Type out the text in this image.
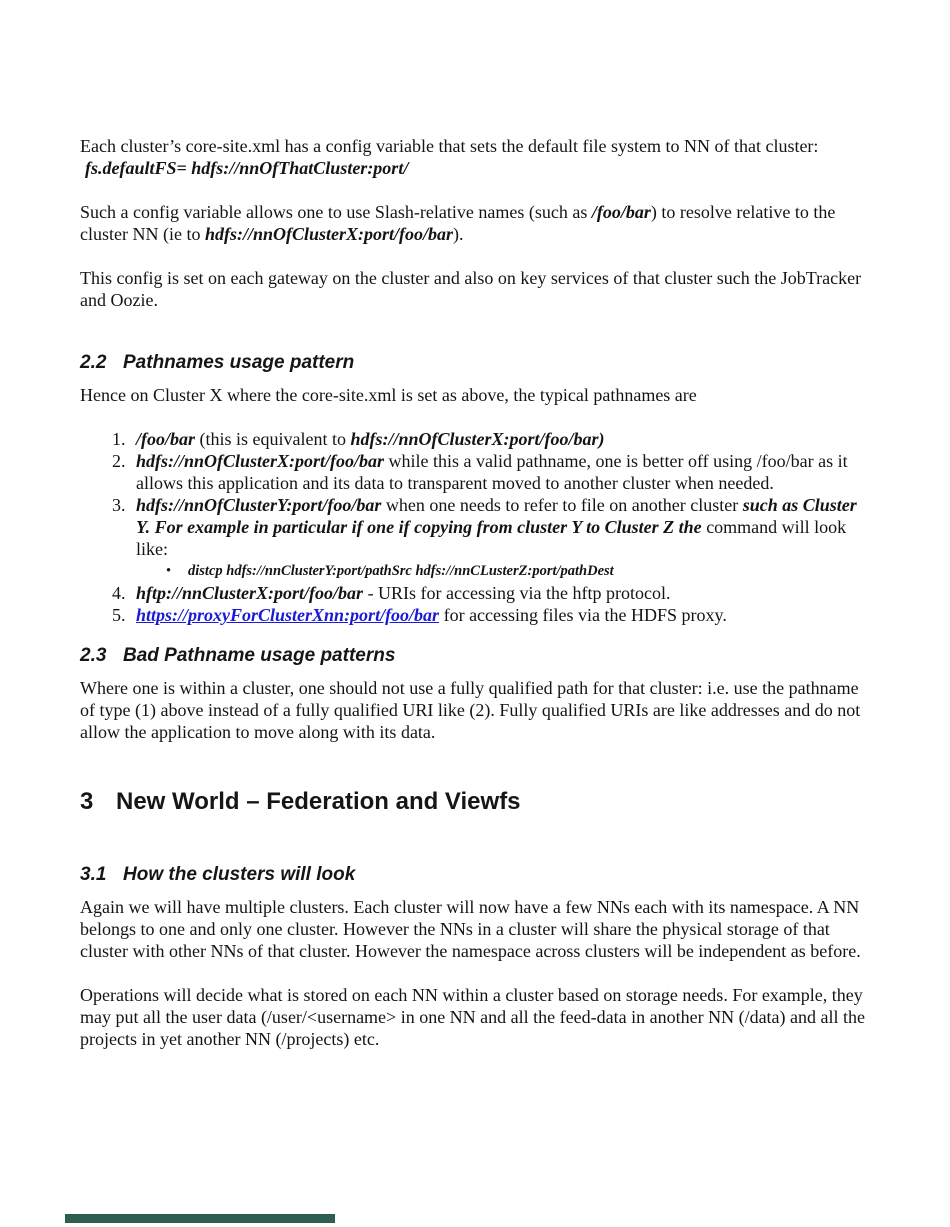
Each cluster’s core-site.xml has a config variable that sets the default file system to NN of that cluster:
fs.defaultFS= hdfs://nnOfThatCluster:port/
Such a config variable allows one to use Slash-relative names (such as /foo/bar) to resolve relative to the cluster NN (ie to hdfs://nnOfClusterX:port/foo/bar).
This config is set on each gateway on the cluster and also on key services of that cluster such the JobTracker and Oozie.
2.2 Pathnames usage pattern
Hence on Cluster X where the core-site.xml is set as above, the typical pathnames are
1. /foo/bar (this is equivalent to hdfs://nnOfClusterX:port/foo/bar)
2. hdfs://nnOfClusterX:port/foo/bar while this a valid pathname, one is better off using /foo/bar as it allows this application and its data to transparent moved to another cluster when needed.
3. hdfs://nnOfClusterY:port/foo/bar when one needs to refer to file on another cluster such as Cluster Y. For example in particular if one if copying from cluster Y to Cluster Z the command will look like:
•	distcp hdfs://nnClusterY:port/pathSrc hdfs://nnCLusterZ:port/pathDest
4. hftp://nnClusterX:port/foo/bar - URIs for accessing via the hftp protocol.
5. https://proxyForClusterXnn:port/foo/bar for accessing files via the HDFS proxy.
2.3 Bad Pathname usage patterns
Where one is within a cluster, one should not use a fully qualified path for that cluster: i.e. use the pathname of type (1) above instead of a fully qualified URI like (2). Fully qualified URIs are like addresses and do not allow the application to move along with its data.
3 New World – Federation and Viewfs
3.1 How the clusters will look
Again we will have multiple clusters. Each cluster will now have a few NNs each with its namespace. A NN belongs to one and only one cluster. However the NNs in a cluster will share the physical storage of that cluster with other NNs of that cluster. However the namespace across clusters will be independent as before.
Operations will decide what is stored on each NN within a cluster based on storage needs. For example, they may put all the user data (/user/<username> in one NN and all the feed-data in another NN (/data) and all the projects in yet another NN (/projects) etc.
